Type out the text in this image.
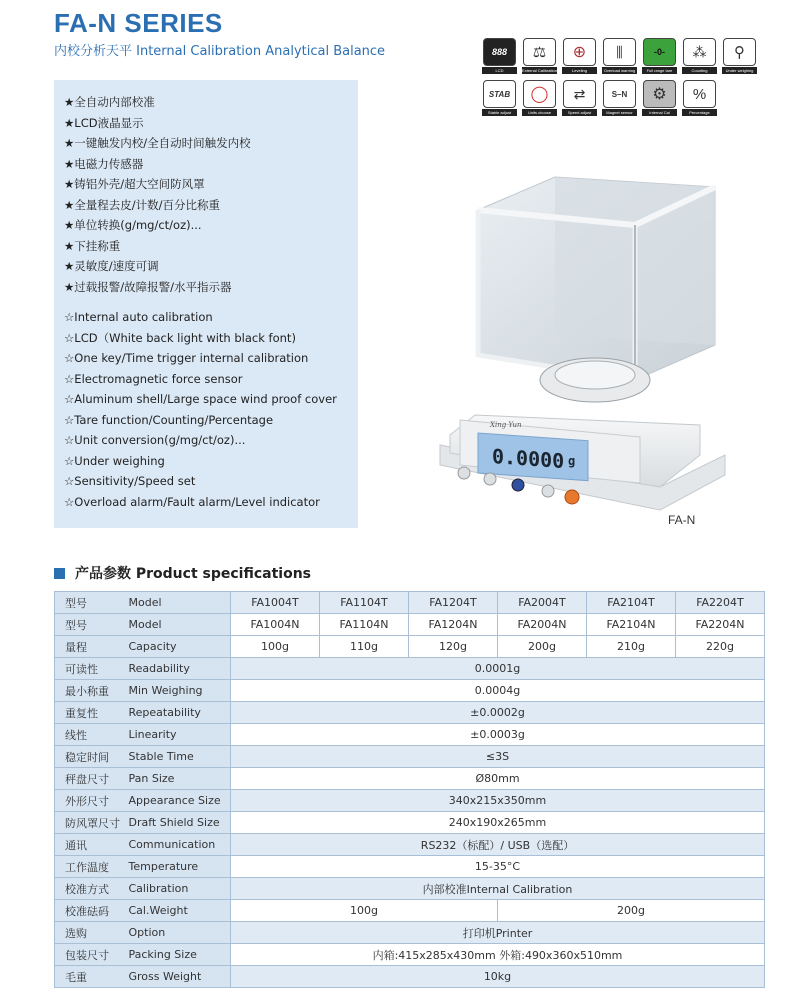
FA-N SERIES
内校分析天平 Internal Calibration Analytical Balance	888
LCD
⚖
External Calibration
⊕
Leveling
⫼
Overload warning
-0-
Full range tare
⁂
Counting
⚲
Under weighing
STAB
Stable adjust
◯
Units choose
⇄
Speed adjust
S–N
Magnet sensor
⚙
Internal Cal
%
Percentage
★全自动内部校准
★LCD液晶显示
★一键触发内校/全自动时间触发内校
★电磁力传感器
★铸铝外壳/超大空间防风罩
★全量程去皮/计数/百分比称重
★单位转换(g/mg/ct/oz)...
★下挂称重
★灵敏度/速度可调
★过载报警/故障报警/水平指示器
☆Internal auto calibration
☆LCD（White back light with black font)
☆One key/Time trigger internal calibration
☆Electromagnetic force sensor
☆Aluminum shell/Large space wind proof cover
☆Tare function/Counting/Percentage
☆Unit conversion(g/mg/ct/oz)...
☆Under weighing
☆Sensitivity/Speed set
☆Overload alarm/Fault alarm/Level indicator
0.0000 g
Xing Yun
FA-N
产品参数 Product specifications
型号	Model	FA1004T	FA1104T	FA1204T	FA2004T	FA2104T	FA2204T
型号	Model	FA1004N	FA1104N	FA1204N	FA2004N	FA2104N	FA2204N
量程	Capacity	100g	110g	120g	200g	210g	220g
可读性	Readability	0.0001g					
最小称重	Min Weighing	0.0004g					
重复性	Repeatability	±0.0002g					
线性	Linearity	±0.0003g					
稳定时间	Stable Time	≤3S					
秤盘尺寸	Pan Size	Ø80mm					
外形尺寸	Appearance Size	340x215x350mm					
防风罩尺寸	Draft Shield Size	240x190x265mm					
通讯	Communication	RS232（标配）/ USB（选配）					
工作温度	Temperature	15-35°C					
校准方式	Calibration	内部校准Internal Calibration					
校准砝码	Cal.Weight	100g			200g		
选购	Option	打印机Printer					
包装尺寸	Packing Size	内箱:415x285x430mm 外箱:490x360x510mm					
毛重	Gross Weight	10kg					
